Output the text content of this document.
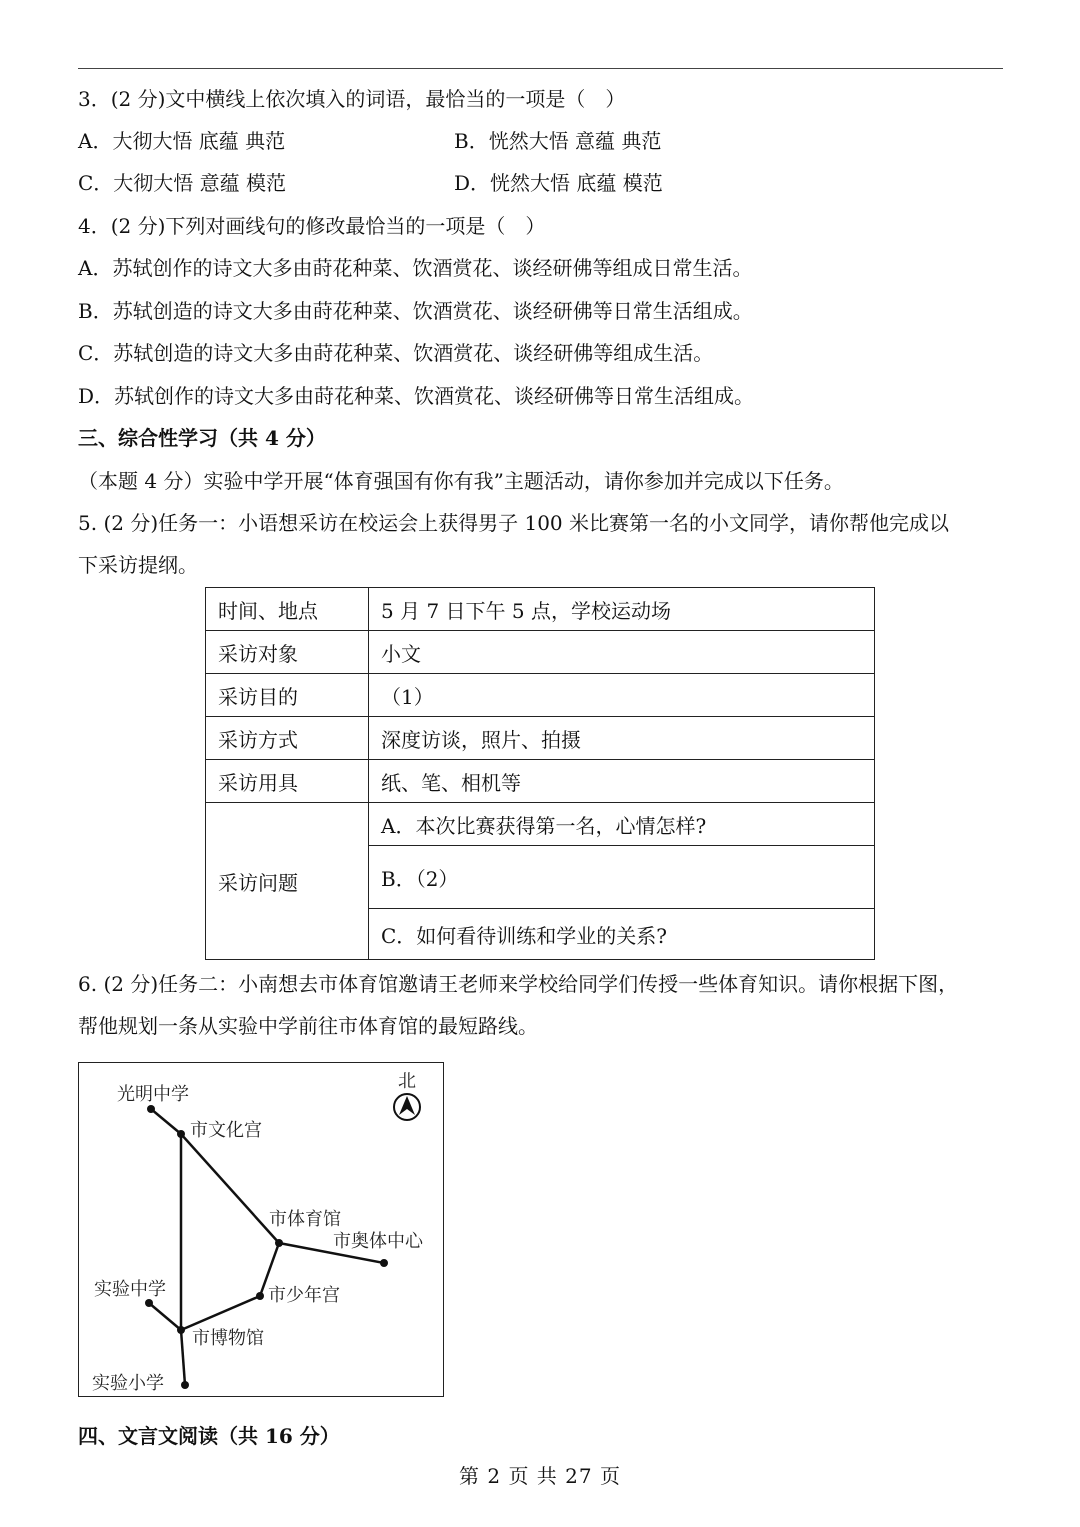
3．(2 分)文中横线上依次填入的词语，最恰当的一项是（　）
A．大彻大悟 底蕴 典范	B．恍然大悟 意蕴 典范
C．大彻大悟 意蕴 模范	D．恍然大悟 底蕴 模范
4．(2 分)下列对画线句的修改最恰当的一项是（　）
A．苏轼创作的诗文大多由莳花种菜、饮酒赏花、谈经研佛等组成日常生活。
B．苏轼创造的诗文大多由莳花种菜、饮酒赏花、谈经研佛等日常生活组成。
C．苏轼创造的诗文大多由莳花种菜、饮酒赏花、谈经研佛等组成生活。
D．苏轼创作的诗文大多由莳花种菜、饮酒赏花、谈经研佛等日常生活组成。
三、综合性学习（共 4 分）
（本题 4 分）实验中学开展“体育强国有你有我”主题活动，请你参加并完成以下任务。
5. (2 分)任务一：小语想采访在校运会上获得男子 100 米比赛第一名的小文同学，请你帮他完成以
下采访提纲。
时间、地点	5 月 7 日下午 5 点，学校运动场
采访对象	小文
采访目的	（1）
采访方式	深度访谈，照片、拍摄
采访用具	纸、笔、相机等
采访问题	A．本次比赛获得第一名，心情怎样?
	B．（2）
	C．如何看待训练和学业的关系?
6. (2 分)任务二：小南想去市体育馆邀请王老师来学校给同学们传授一些体育知识。请你根据下图，
帮他规划一条从实验中学前往市体育馆的最短路线。
北
光明中学
市文化宫
市体育馆
市奥体中心
实验中学	市少年宫
市博物馆
实验小学
四、文言文阅读（共 16 分）
第 2 页 共 27 页
